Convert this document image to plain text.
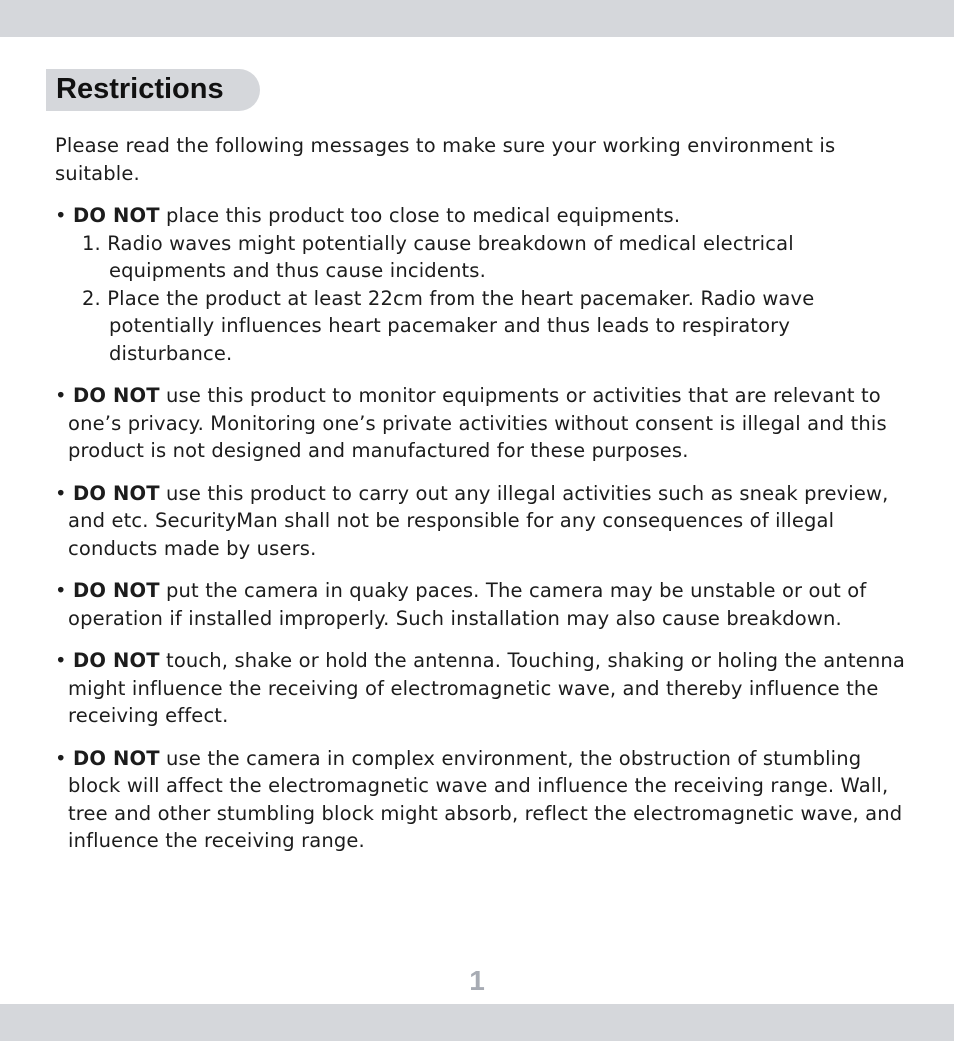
Restrictions

Please read the following messages to make sure your working environment is suitable.

• DO NOT place this product too close to medical equipments.
1. Radio waves might potentially cause breakdown of medical electrical equipments and thus cause incidents.
2. Place the product at least 22cm from the heart pacemaker. Radio wave potentially influences heart pacemaker and thus leads to respiratory disturbance.
• DO NOT use this product to monitor equipments or activities that are relevant to one’s privacy. Monitoring one’s private activities without consent is illegal and this product is not designed and manufactured for these purposes.
• DO NOT use this product to carry out any illegal activities such as sneak preview, and etc. SecurityMan shall not be responsible for any consequences of illegal conducts made by users.
• DO NOT put the camera in quaky paces. The camera may be unstable or out of operation if installed improperly. Such installation may also cause breakdown.
• DO NOT touch, shake or hold the antenna. Touching, shaking or holing the antenna might influence the receiving of electromagnetic wave, and thereby influence the receiving effect.
• DO NOT use the camera in complex environment, the obstruction of stumbling block will affect the electromagnetic wave and influence the receiving range. Wall, tree and other stumbling block might absorb, reflect the electromagnetic wave, and influence the receiving range.
1
